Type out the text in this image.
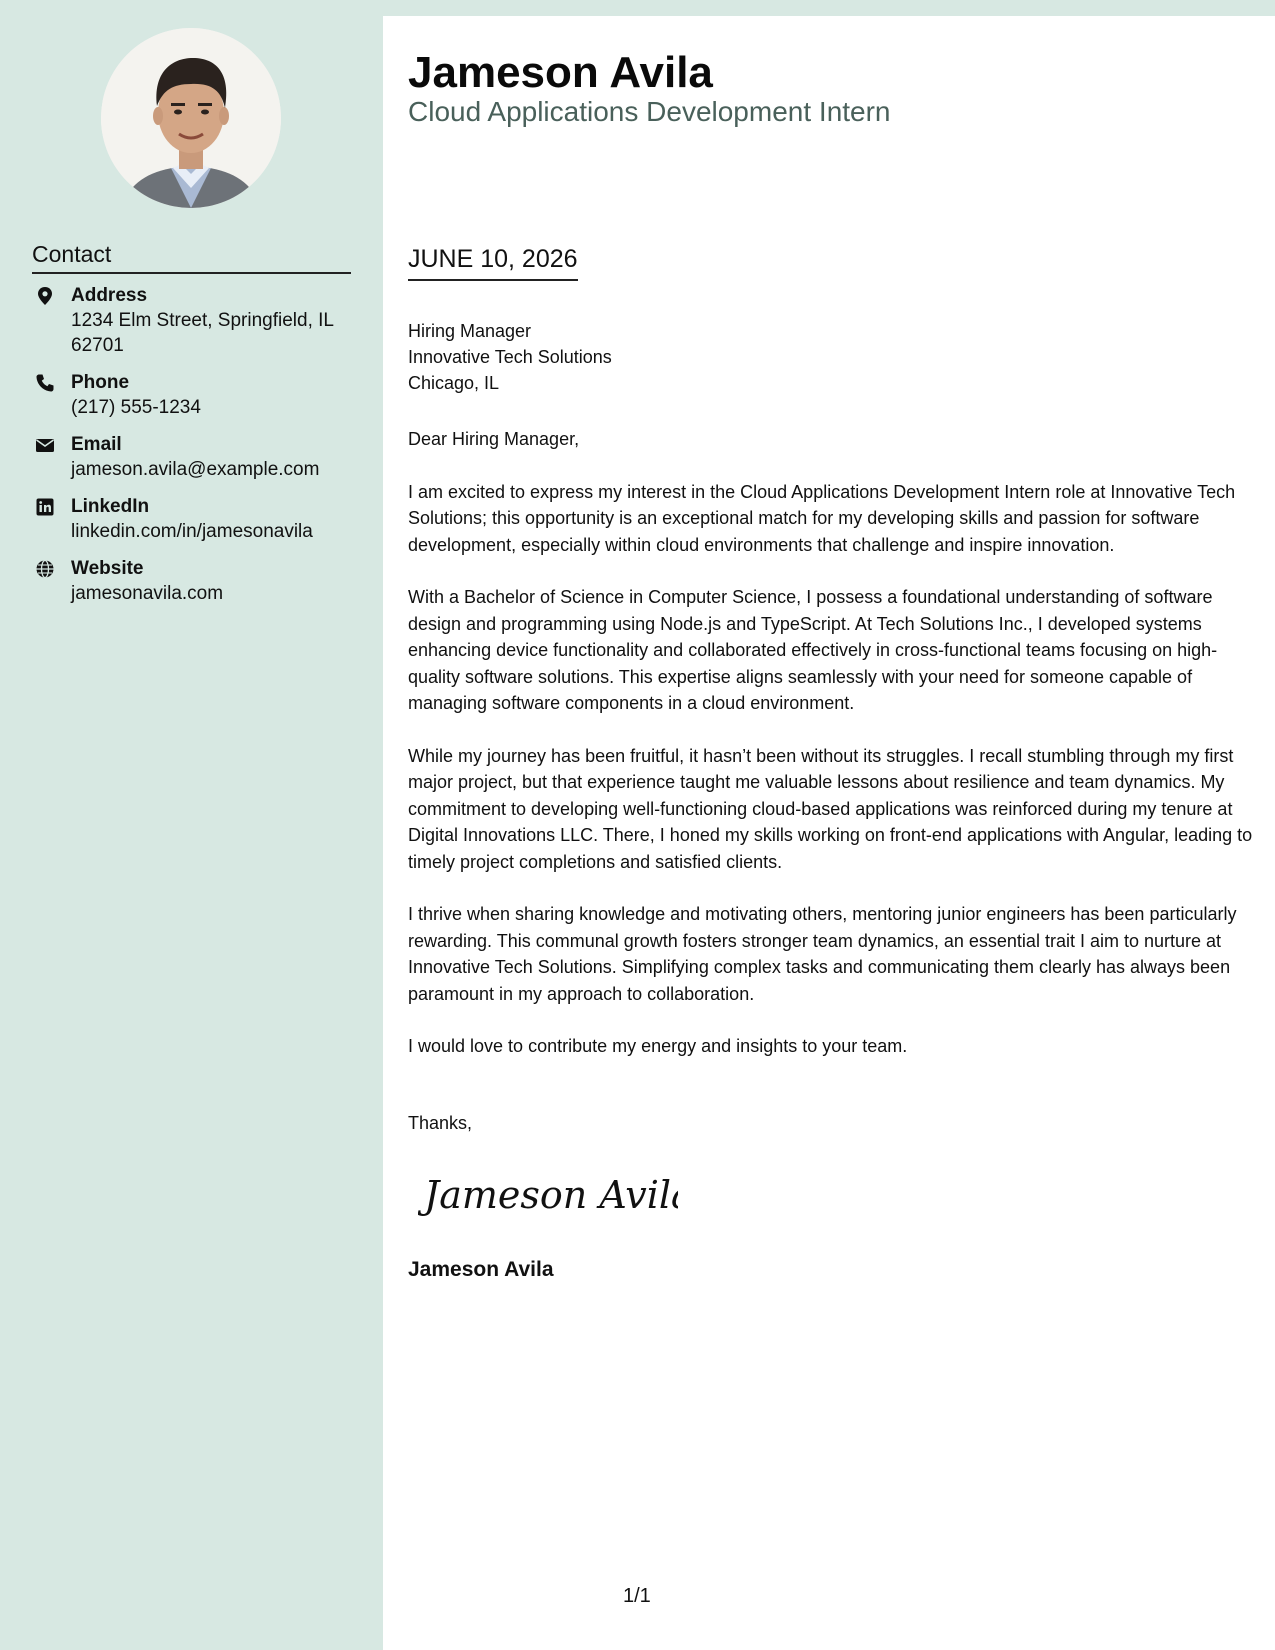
Contact
Address
1234 Elm Street, Springfield, IL 62701
Phone
(217) 555-1234
Email
jameson.avila@example.com
LinkedIn
linkedin.com/in/jamesonavila
Website
jamesonavila.com
Jameson Avila
Cloud Applications Development Intern
JUNE 10, 2026
Hiring Manager
Innovative Tech Solutions
Chicago, IL

Dear Hiring Manager,

I am excited to express my interest in the Cloud Applications Development Intern role at Innovative Tech Solutions; this opportunity is an exceptional match for my developing skills and passion for software development, especially within cloud environments that challenge and inspire innovation.

With a Bachelor of Science in Computer Science, I possess a foundational understanding of software design and programming using Node.js and TypeScript. At Tech Solutions Inc., I developed systems enhancing device functionality and collaborated effectively in cross-functional teams focusing on high-quality software solutions. This expertise aligns seamlessly with your need for someone capable of managing software components in a cloud environment.

While my journey has been fruitful, it hasn’t been without its struggles. I recall stumbling through my first major project, but that experience taught me valuable lessons about resilience and team dynamics. My commitment to developing well-functioning cloud-based applications was reinforced during my tenure at Digital Innovations LLC. There, I honed my skills working on front-end applications with Angular, leading to timely project completions and satisfied clients.

I thrive when sharing knowledge and motivating others, mentoring junior engineers has been particularly rewarding. This communal growth fosters stronger team dynamics, an essential trait I aim to nurture at Innovative Tech Solutions. Simplifying complex tasks and communicating them clearly has always been paramount in my approach to collaboration.

I would love to contribute my energy and insights to your team.

Thanks,
Jameson Avila
Jameson Avila
1/1
